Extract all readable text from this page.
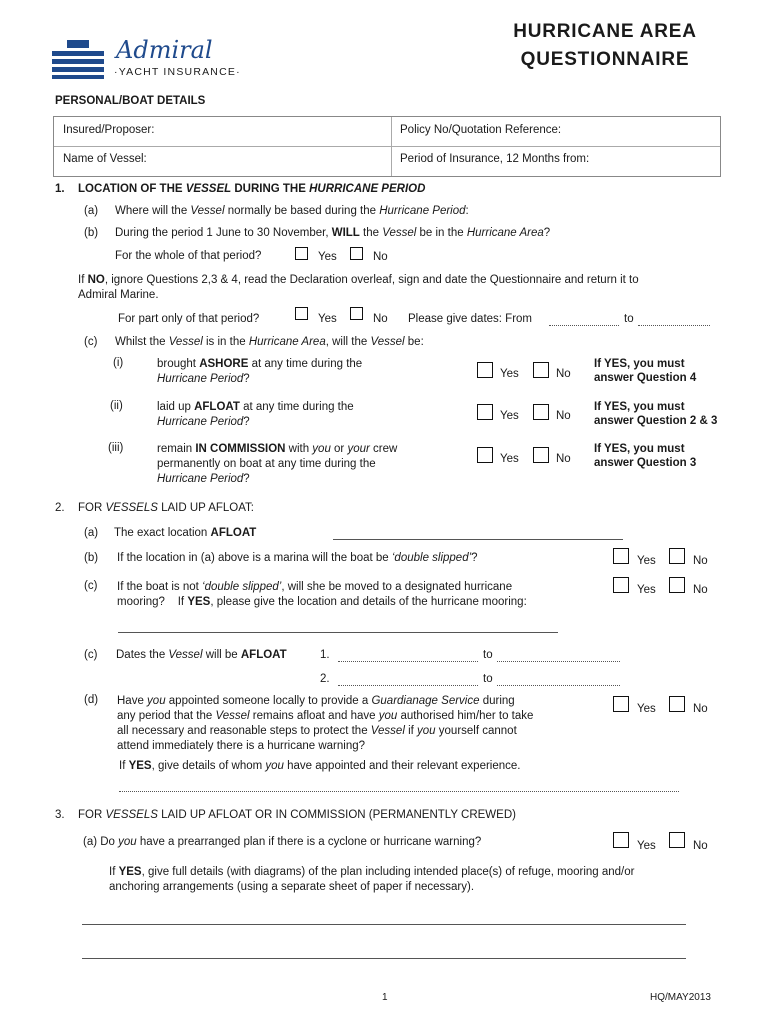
Admiral
·YACHT INSURANCE·
HURRICANE AREA
QUESTIONNAIRE
PERSONAL/BOAT DETAILS
Insured/Proposer:	Policy No/Quotation Reference:
Name of Vessel:	Period of Insurance, 12 Months from:
1. LOCATION OF THE VESSEL DURING THE HURRICANE PERIOD
(a) Where will the Vessel normally be based during the Hurricane Period:
(b) During the period 1 June to 30 November, WILL the Vessel be in the Hurricane Area?
For the whole of that period?	Yes	No
If NO, ignore Questions 2,3 & 4, read the Declaration overleaf, sign and date the Questionnaire and return it to
Admiral Marine.
For part only of that period?	Yes	No Please give dates: From	to
(c) Whilst the Vessel is in the Hurricane Area, will the Vessel be:
(i)	brought ASHORE at any time during the
Hurricane Period?	Yes	No
If YES, you must
answer Question 4
(ii)	laid up AFLOAT at any time during the
Hurricane Period?	Yes	No
If YES, you must
answer Question 2 & 3
(iii)	remain IN COMMISSION with you or your crew
permanently on boat at any time during the
Hurricane Period?
Yes	No
If YES, you must
answer Question 3
2. FOR VESSELS LAID UP AFLOAT:
(a) The exact location AFLOAT
(b) If the location in (a) above is a marina will the boat be ‘double slipped’?	Yes	No
(c) If the boat is not ‘double slipped’, will she be moved to a designated hurricane
mooring?    If YES, please give the location and details of the hurricane mooring:
Yes	No
(c) Dates the Vessel will be AFLOAT	1.	to
2.	to
(d) Have you appointed someone locally to provide a Guardianage Service during
any period that the Vessel remains afloat and have you authorised him/her to take
all necessary and reasonable steps to protect the Vessel if you yourself cannot
attend immediately there is a hurricane warning?
Yes	No
If YES, give details of whom you have appointed and their relevant experience.
3. FOR VESSELS LAID UP AFLOAT OR IN COMMISSION (PERMANENTLY CREWED)
(a) Do you have a prearranged plan if there is a cyclone or hurricane warning?	Yes	No
If YES, give full details (with diagrams) of the plan including intended place(s) of refuge, mooring and/or
anchoring arrangements (using a separate sheet of paper if necessary).
1	HQ/MAY2013
